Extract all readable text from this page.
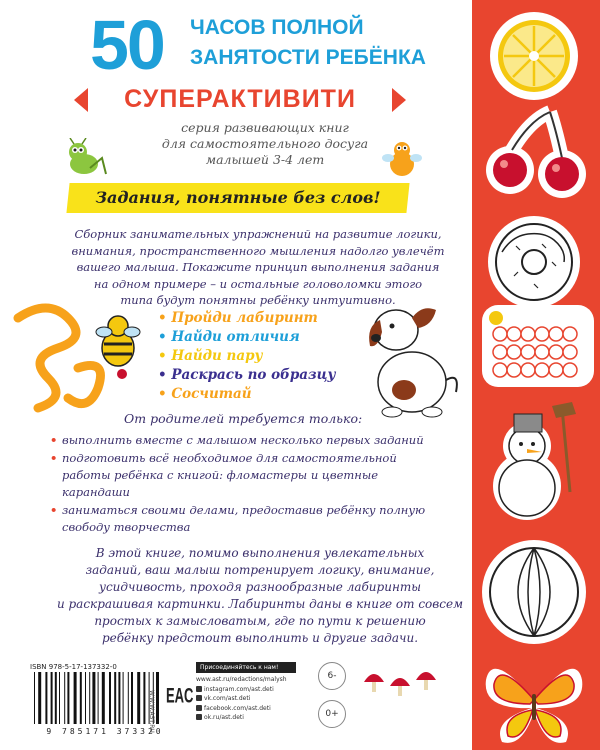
50 ЧАСОВ ПОЛНОЙ
ЗАНЯТОСТИ РЕБЁНКА
СУПЕРАКТИВИТИ
серия развивающих книг
для самостоятельного досуга
малышей 3-4 лет
Задания, понятные без слов!
Сборник занимательных упражнений на развитие логики,
внимания, пространственного мышления надолго увлечёт
вашего малыша. Покажите принцип выполнения задания
на одном примере – и остальные головоломки этого
типа будут понятны ребёнку интуитивно.
• Пройди лабиринт
• Найди отличия
• Найди пару
• Раскрась по образцу
• Сосчитай
От родителей требуется только:
• выполнить вместе с малышом несколько первых заданий
• подготовить всё необходимое для самостоятельной
работы ребёнка с книгой: фломастеры и цветные
карандаши
• заниматься своими делами, предоставив ребёнку полную
свободу творчества
В этой книге, помимо выполнения увлекательных
заданий, ваш малыш потренирует логику, внимание,
усидчивость, проходя разнообразные лабиринты
и раскрашивая картинки. Лабиринты даны в книге от совсем
простых к замысловатым, где по пути к решению
ребёнку предстоит выполнить и другие задачи.
ISBN 978-5-17-137332-0
9 785171 373320
W.W.W.AST.RU EAC
Присоединяйтесь к нам!
www.ast.ru/redactions/malysh
instagram.com/ast.deti
vk.com/ast.deti
facebook.com/ast.deti
ok.ru/ast.deti
6-
0+
